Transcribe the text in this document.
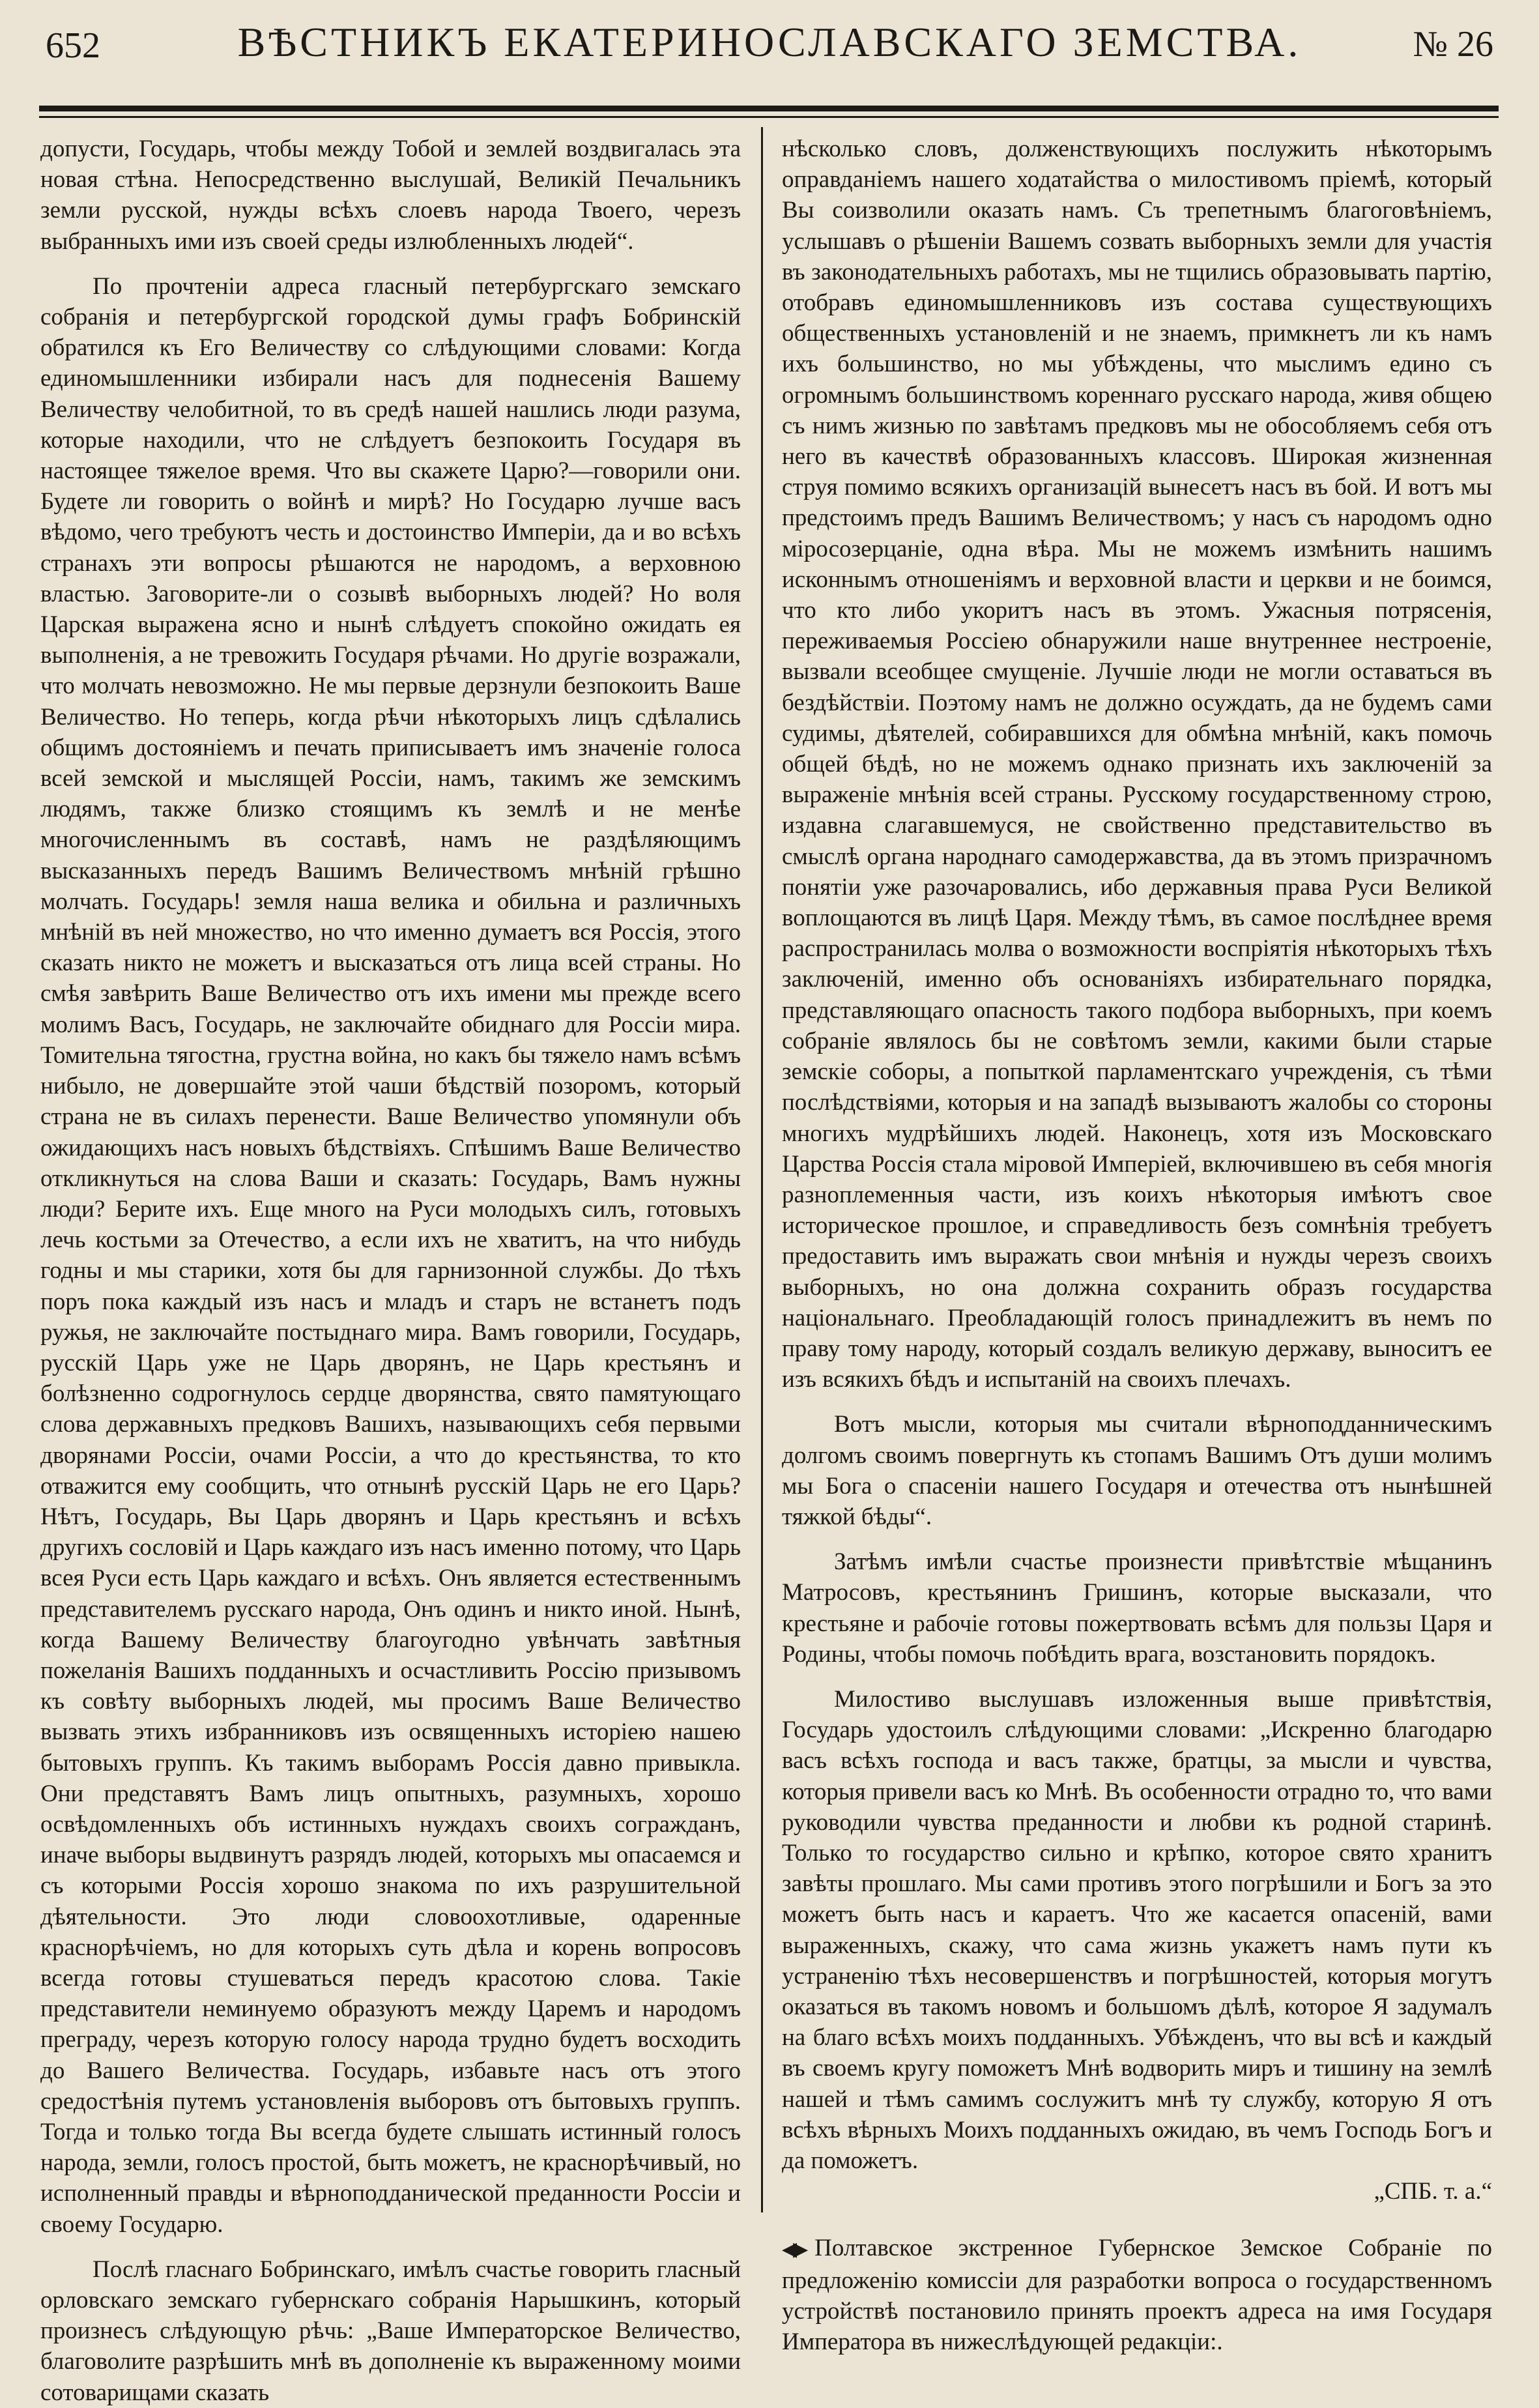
652	ВѢСТНИКЪ ЕКАТЕРИНОСЛАВСКАГО ЗЕМСТВА.	№ 26

допусти, Государь, чтобы между Тобой и землей воздвигалась эта новая стѣна. Непосредственно выслушай, Великій Печальникъ земли русской, нужды всѣхъ слоевъ народа Твоего, черезъ выбранныхъ ими изъ своей среды излюбленныхъ людей“.

По прочтеніи адреса гласный петербургскаго земскаго собранія и петербургской городской думы графъ Бобринскій обратился къ Его Величеству со слѣдующими словами: Когда единомышленники избирали насъ для поднесенія Вашему Величеству челобитной, то въ средѣ нашей нашлись люди разума, которые находили, что не слѣдуетъ безпокоить Государя въ настоящее тяжелое время. Что вы скажете Царю?—говорили они. Будете ли говорить о войнѣ и мирѣ? Но Государю лучше васъ вѣдомо, чего требуютъ честь и достоинство Имперіи, да и во всѣхъ странахъ эти вопросы рѣшаются не народомъ, а верховною властью. Заговорите-ли о созывѣ выборныхъ людей? Но воля Царская выражена ясно и нынѣ слѣдуетъ спокойно ожидать ея выполненія, а не тревожить Государя рѣчами. Но другіе возражали, что молчать невозможно. Не мы первые дерзнули безпокоить Ваше Величество. Но теперь, когда рѣчи нѣкоторыхъ лицъ сдѣлались общимъ достояніемъ и печать приписываетъ имъ значеніе голоса всей земской и мыслящей Россіи, намъ, такимъ же земскимъ людямъ, также близко стоящимъ къ землѣ и не менѣе многочисленнымъ въ составѣ, намъ не раздѣляющимъ высказанныхъ передъ Вашимъ Величествомъ мнѣній грѣшно молчать. Государь! земля наша велика и обильна и различныхъ мнѣній въ ней множество, но что именно думаетъ вся Россія, этого сказать никто не можетъ и высказаться отъ лица всей страны. Но смѣя завѣрить Ваше Величество отъ ихъ имени мы прежде всего молимъ Васъ, Государь, не заключайте обиднаго для Россіи мира. Томительна тягостна, грустна война, но какъ бы тяжело намъ всѣмъ нибыло, не довершайте этой чаши бѣдствій позоромъ, который страна не въ силахъ перенести. Ваше Величество упомянули объ ожидающихъ насъ новыхъ бѣдствіяхъ. Спѣшимъ Ваше Величество откликнуться на слова Ваши и сказать: Государь, Вамъ нужны люди? Берите ихъ. Еще много на Руси молодыхъ силъ, готовыхъ лечь костьми за Отечество, а если ихъ не хватитъ, на что нибудь годны и мы старики, хотя бы для гарнизонной службы. До тѣхъ поръ пока каждый изъ насъ и младъ и старъ не встанетъ подъ ружья, не заключайте постыднаго мира. Вамъ говорили, Государь, русскій Царь уже не Царь дворянъ, не Царь крестьянъ и болѣзненно содрогнулось сердце дворянства, свято памятующаго слова державныхъ предковъ Вашихъ, называющихъ себя первыми дворянами Россіи, очами Россіи, а что до крестьянства, то кто отважится ему сообщить, что отнынѣ русскій Царь не его Царь? Нѣтъ, Государь, Вы Царь дворянъ и Царь крестьянъ и всѣхъ другихъ сословій и Царь каждаго изъ насъ именно потому, что Царь всея Руси есть Царь каждаго и всѣхъ. Онъ является естественнымъ представителемъ русскаго народа, Онъ одинъ и никто иной. Нынѣ, когда Вашему Величеству благоугодно увѣнчать завѣтныя пожеланія Вашихъ подданныхъ и осчастливить Россію призывомъ къ совѣту выборныхъ людей, мы просимъ Ваше Величество вызвать этихъ избранниковъ изъ освященныхъ исторіею нашею бытовыхъ группъ. Къ такимъ выборамъ Россія давно привыкла. Они представятъ Вамъ лицъ опытныхъ, разумныхъ, хорошо освѣдомленныхъ объ истинныхъ нуждахъ своихъ согражданъ, иначе выборы выдвинутъ разрядъ людей, которыхъ мы опасаемся и съ которыми Россія хорошо знакома по ихъ разрушительной дѣятельности. Это люди словоохотливые, одаренные краснорѣчіемъ, но для которыхъ суть дѣла и корень вопросовъ всегда готовы стушеваться передъ красотою слова. Такіе представители неминуемо образуютъ между Царемъ и народомъ преграду, черезъ которую голосу народа трудно будетъ восходить до Вашего Величества. Государь, избавьте насъ отъ этого средостѣнія путемъ установленія выборовъ отъ бытовыхъ группъ. Тогда и только тогда Вы всегда будете слышать истинный голосъ народа, земли, голосъ простой, быть можетъ, не краснорѣчивый, но исполненный правды и вѣрноподданической преданности Россіи и своему Государю.

Послѣ гласнаго Бобринскаго, имѣлъ счастье говорить гласный орловскаго земскаго губернскаго собранія Нарышкинъ, который произнесъ слѣдующую рѣчь: „Ваше Императорское Величество, благоволите разрѣшить мнѣ въ дополненіе къ выраженному моими сотоварищами сказать

нѣсколько словъ, долженствующихъ послужить нѣкоторымъ оправданіемъ нашего ходатайства о милостивомъ пріемѣ, который Вы соизволили оказать намъ. Съ трепетнымъ благоговѣніемъ, услышавъ о рѣшеніи Вашемъ созвать выборныхъ земли для участія въ законодательныхъ работахъ, мы не тщились образовывать партію, отобравъ единомышленниковъ изъ состава существующихъ общественныхъ установленій и не знаемъ, примкнетъ ли къ намъ ихъ большинство, но мы убѣждены, что мыслимъ едино съ огромнымъ большинствомъ кореннаго русскаго народа, живя общею съ нимъ жизнью по завѣтамъ предковъ мы не обособляемъ себя отъ него въ качествѣ образованныхъ классовъ. Широкая жизненная струя помимо всякихъ организацій вынесетъ насъ въ бой. И вотъ мы предстоимъ предъ Вашимъ Величествомъ; у насъ съ народомъ одно міросозерцаніе, одна вѣра. Мы не можемъ измѣнить нашимъ исконнымъ отношеніямъ и верховной власти и церкви и не боимся, что кто либо укоритъ насъ въ этомъ. Ужасныя потрясенія, переживаемыя Россіею обнаружили наше внутреннее нестроеніе, вызвали всеобщее смущеніе. Лучшіе люди не могли оставаться въ бездѣйствіи. Поэтому намъ не должно осуждать, да не будемъ сами судимы, дѣятелей, собиравшихся для обмѣна мнѣній, какъ помочь общей бѣдѣ, но не можемъ однако признать ихъ заключеній за выраженіе мнѣнія всей страны. Русскому государственному строю, издавна слагавшемуся, не свойственно представительство въ смыслѣ органа народнаго самодержавства, да въ этомъ призрачномъ понятіи уже разочаровались, ибо державныя права Руси Великой воплощаются въ лицѣ Царя. Между тѣмъ, въ самое послѣднее время распространилась молва о возможности воспріятія нѣкоторыхъ тѣхъ заключеній, именно объ основаніяхъ избирательнаго порядка, представляющаго опасность такого подбора выборныхъ, при коемъ собраніе являлось бы не совѣтомъ земли, какими были старые земскіе соборы, а попыткой парламентскаго учрежденія, съ тѣми послѣдствіями, которыя и на западѣ вызываютъ жалобы со стороны многихъ мудрѣйшихъ людей. Наконецъ, хотя изъ Московскаго Царства Россія стала міровой Имперіей, включившею въ себя многія разноплеменныя части, изъ коихъ нѣкоторыя имѣютъ свое историческое прошлое, и справедливость безъ сомнѣнія требуетъ предоставить имъ выражать свои мнѣнія и нужды черезъ своихъ выборныхъ, но она должна сохранить образъ государства національнаго. Преобладающій голосъ принадлежитъ въ немъ по праву тому народу, который создалъ великую державу, выноситъ ее изъ всякихъ бѣдъ и испытаній на своихъ плечахъ.

Вотъ мысли, которыя мы считали вѣрноподданническимъ долгомъ своимъ повергнуть къ стопамъ Вашимъ Отъ души молимъ мы Бога о спасеніи нашего Государя и отечества отъ нынѣшней тяжкой бѣды“.

Затѣмъ имѣли счастье произнести привѣтствіе мѣщанинъ Матросовъ, крестьянинъ Гришинъ, которые высказали, что крестьяне и рабочіе готовы пожертвовать всѣмъ для пользы Царя и Родины, чтобы помочь побѣдить врага, возстановить порядокъ.

Милостиво выслушавъ изложенныя выше привѣтствія, Государь удостоилъ слѣдующими словами: „Искренно благодарю васъ всѣхъ господа и васъ также, братцы, за мысли и чувства, которыя привели васъ ко Мнѣ. Въ особенности отрадно то, что вами руководили чувства преданности и любви къ родной старинѣ. Только то государство сильно и крѣпко, которое свято хранитъ завѣты прошлаго. Мы сами противъ этого погрѣшили и Богъ за это можетъ быть насъ и караетъ. Что же касается опасеній, вами выраженныхъ, скажу, что сама жизнь укажетъ намъ пути къ устраненію тѣхъ несовершенствъ и погрѣшностей, которыя могутъ оказаться въ такомъ новомъ и большомъ дѣлѣ, которое Я задумалъ на благо всѣхъ моихъ подданныхъ. Убѣжденъ, что вы всѣ и каждый въ своемъ кругу поможетъ Мнѣ водворить миръ и тишину на землѣ нашей и тѣмъ самимъ сослужитъ мнѣ ту службу, которую Я отъ всѣхъ вѣрныхъ Моихъ подданныхъ ожидаю, въ чемъ Господь Богъ и да поможетъ.
„СПБ. т. а.“

◀▶ Полтавское экстренное Губернское Земское Собраніе по предложенію комиссіи для разработки вопроса о государственномъ устройствѣ постановило принять проектъ адреса на имя Государя Императора въ нижеслѣдующей редакціи:.
